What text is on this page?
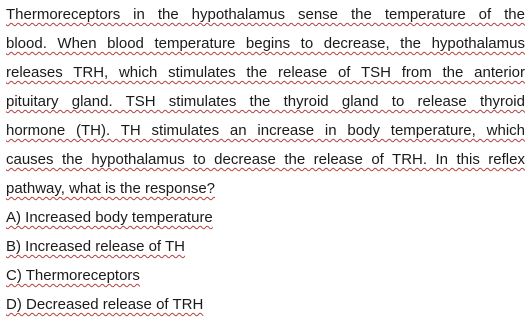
Thermoreceptors in the hypothalamus sense the temperature of the
blood. When blood temperature begins to decrease, the hypothalamus
releases TRH, which stimulates the release of TSH from the anterior
pituitary gland. TSH stimulates the thyroid gland to release thyroid
hormone (TH). TH stimulates an increase in body temperature, which
causes the hypothalamus to decrease the release of TRH. In this reflex
pathway, what is the response?
A) Increased body temperature
B) Increased release of TH
C) Thermoreceptors
D) Decreased release of TRH
